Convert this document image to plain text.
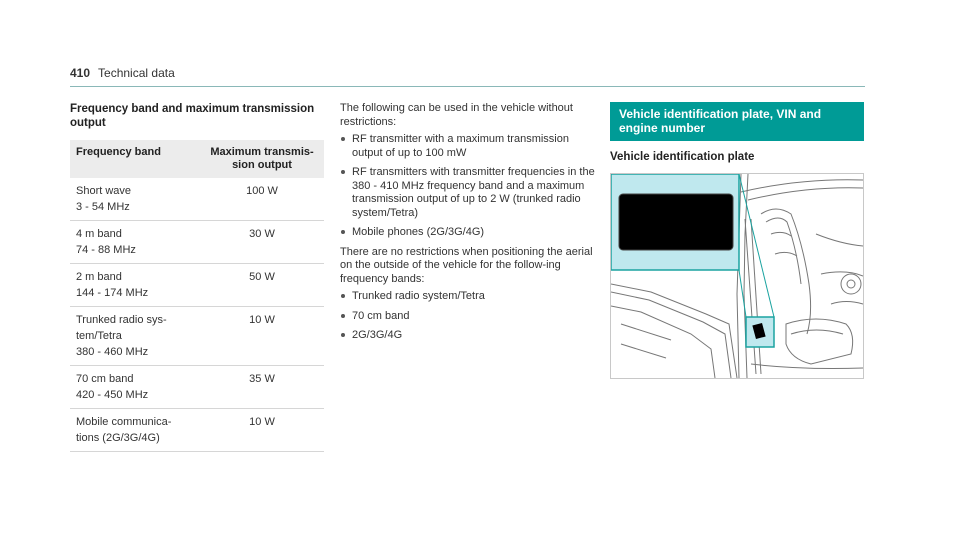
410 Technical data
Frequency band and maximum transmission output
Frequency band	Maximum transmis-sion output

Short wave
3 - 54 MHz	100 W

4 m band
74 - 88 MHz	30 W

2 m band
144 - 174 MHz	50 W

Trunked radio sys-
tem/Tetra
380 - 460 MHz	10 W

70 cm band
420 - 450 MHz	35 W

Mobile communica-
tions (2G/3G/4G)	10 W

The following can be used in the vehicle without restrictions:

RF transmitter with a maximum transmission output of up to 100 mW
RF transmitters with transmitter frequencies in the 380 - 410 MHz frequency band and a maximum transmission output of up to 2 W (trunked radio system/Tetra)
Mobile phones (2G/3G/4G)

There are no restrictions when positioning the aerial on the outside of the vehicle for the follow-ing frequency bands:

Trunked radio system/Tetra
70 cm band
2G/3G/4G
Vehicle identification plate, VIN and engine number
Vehicle identification plate
